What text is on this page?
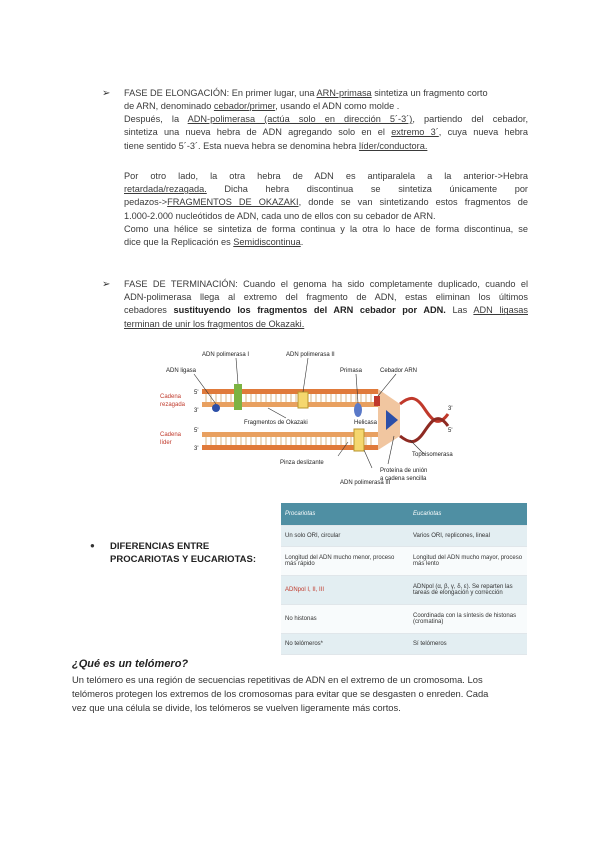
➢ FASE DE ELONGACIÓN: En primer lugar, una ARN-primasa sintetiza un fragmento corto
de ARN, denominado cebador/primer, usando el ADN como molde .
Después, la ADN-polimerasa (actúa solo en dirección 5´-3´), partiendo del cebador,
sintetiza una nueva hebra de ADN agregando solo en el extremo 3´, cuya nueva hebra
tiene sentido 5´-3´. Esta nueva hebra se denomina hebra líder/conductora.
Por otro lado, la otra hebra de ADN es antiparalela a la anterior->Hebra
retardada/rezagada. Dicha hebra discontinua se sintetiza únicamente por
pedazos->FRAGMENTOS DE OKAZAKI, donde se van sintetizando estos fragmentos de
1.000-2.000 nucleótidos de ADN, cada uno de ellos con su cebador de ARN.
Como una hélice se sintetiza de forma continua y la otra lo hace de forma discontinua, se
dice que la Replicación es Semidiscontinua.
➢ FASE DE TERMINACIÓN: Cuando el genoma ha sido completamente duplicado, cuando el
ADN-polimerasa llega al extremo del fragmento de ADN, estas eliminan los últimos
cebadores sustituyendo los fragmentos del ARN cebador por ADN. Las ADN ligasas
terminan de unir los fragmentos de Okazaki.
ADN polimerasa I	ADN polimerasa II
Primasa	Cebador ARN
ADN ligasa
Cadena
rezagada
Cadena
líder
5'
3'
5'
3'
Fragmentos de Okazaki	Helicasa
Topoisomerasa
Pinza deslizante
ADN polimerasa III
Proteína de unión
a cadena sencilla
3'
5'
● DIFERENCIAS ENTRE
PROCARIOTAS Y EUCARIOTAS:
Procariotas	Eucariotas
Un solo ORI, circular	Varios ORI, replicones, lineal
Longitud del ADN mucho menor, proceso más rápido	Longitud del ADN mucho mayor, proceso más lento
ADNpol I, II, III	ADNpol (α, β, γ, δ, ε). Se reparten las tareas de elongación y corrección
No histonas	Coordinada con la síntesis de histonas (cromatina)
No telómeros*	Sí telómeros
¿Qué es un telómero?
Un telómero es una región de secuencias repetitivas de ADN en el extremo de un cromosoma. Los
telómeros protegen los extremos de los cromosomas para evitar que se desgasten o enreden. Cada
vez que una célula se divide, los telómeros se vuelven ligeramente más cortos.
